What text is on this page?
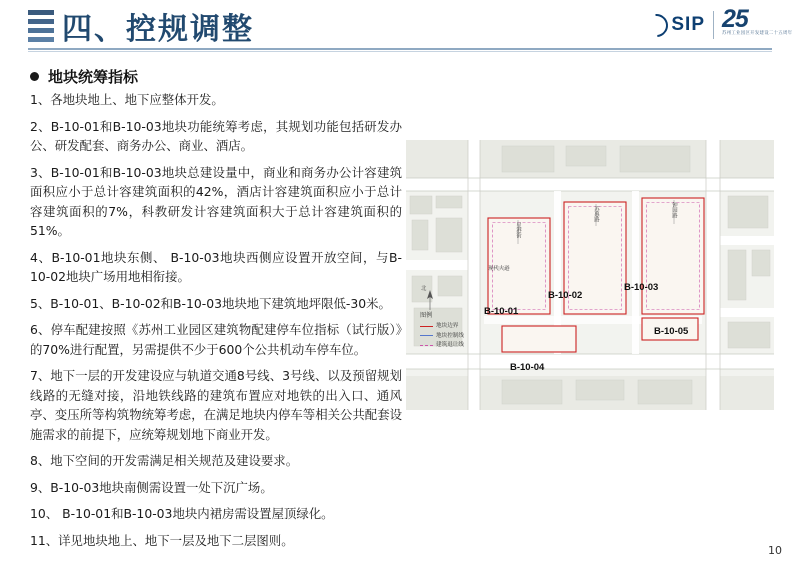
四、控规调整	SIP 25
苏州工业园区开发建设二十五周年
地块统筹指标

1、各地块地上、地下应整体开发。

2、B-10-01和B-10-03地块功能统筹考虑，其规划功能包括研发办公、研发配套、商务办公、商业、酒店。

3、B-10-01和B-10-03地块总建设量中，商业和商务办公计容建筑面积应小于总计容建筑面积的42%，酒店计容建筑面积应小于总计容建筑面积的7%，科教研发计容建筑面积大于总计容建筑面积的51%。

4、B-10-01地块东侧、 B-10-03地块西侧应设置开放空间，与B-10-02地块广场用地相衔接。

5、B-10-01、B-10-02和B-10-03地块地下建筑地坪限低-30米。

6、停车配建按照《苏州工业园区建筑物配建停车位指标（试行版）》的70%进行配置，另需提供不少于600个公共机动车停车位。

7、地下一层的开发建设应与轨道交通8号线、3号线、以及预留规划线路的无缝对接，沿地铁线路的建筑布置应对地铁的出入口、通风亭、变压所等构筑物统筹考虑，在满足地块内停车等相关公共配套设施需求的前提下，应统筹规划地下商业开发。

8、地下空间的开发需满足相关规范及建设要求。

9、B-10-03地块南侧需设置一处下沉广场。

10、 B-10-01和B-10-03地块内裙房需设置屋顶绿化。

11、详见地块地上、地下一层及地下二层图则。

B-10-01
B-10-02
B-10-03
B-10-04
B-10-05
图例
地块边界
地块控制线
建筑退让线
北
星港街
苏惠路	钟园路
现代大道
10
